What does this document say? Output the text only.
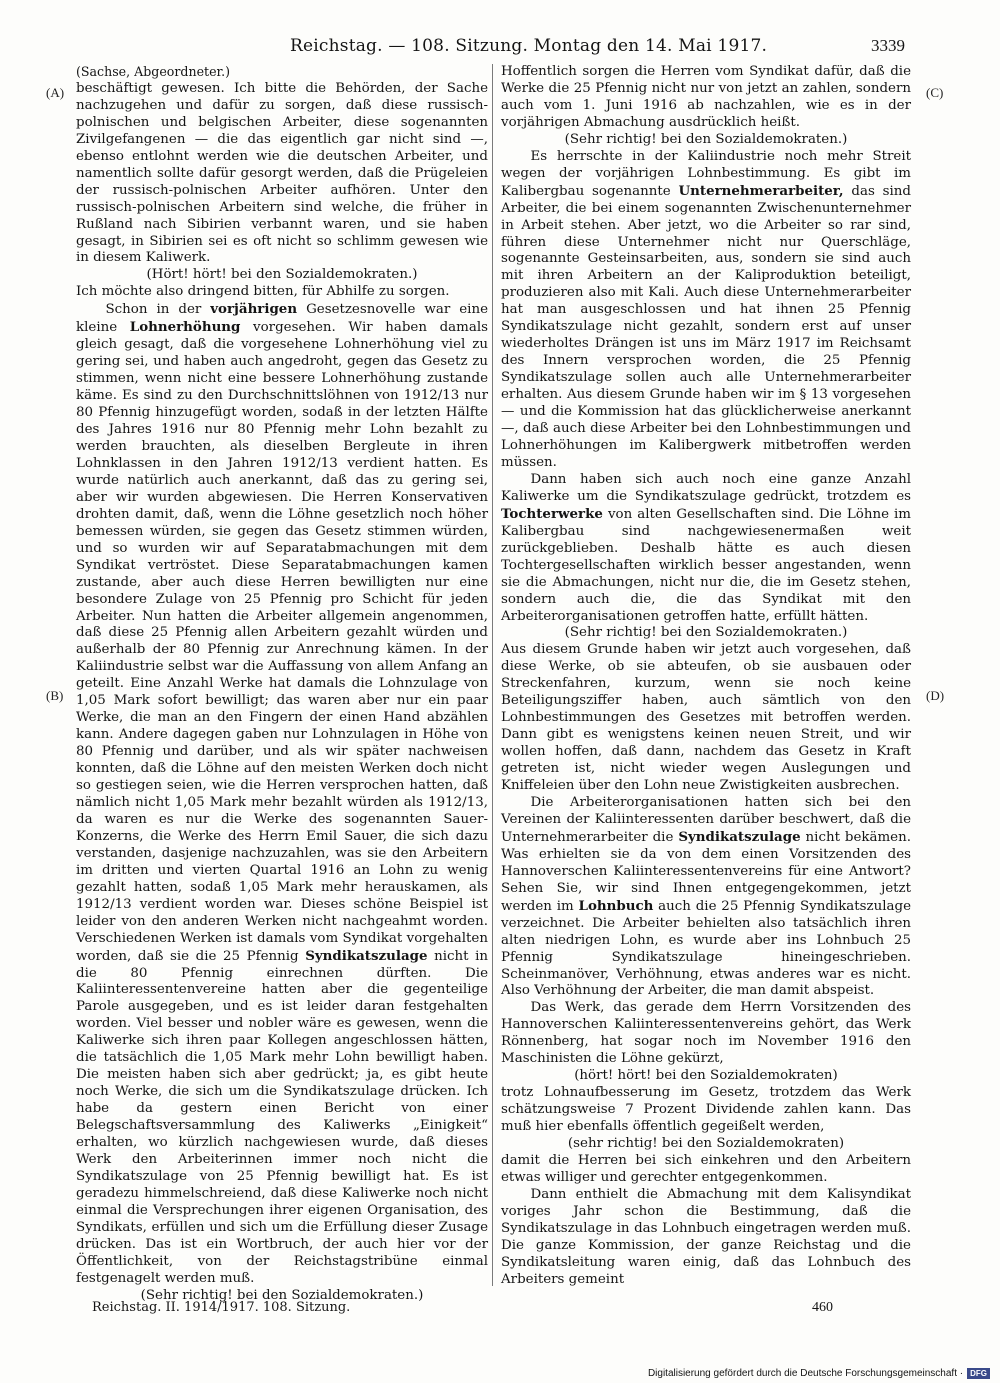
Reichstag. — 108. Sitzung. Montag den 14. Mai 1917.	3339
(A)
(B)
(C)
(D)

(Sachse, Abgeordneter.)

beschäftigt gewesen. Ich bitte die Behörden, der Sache nachzugehen und dafür zu sorgen, daß diese russisch-polnischen und belgischen Arbeiter, diese sogenannten Zivilgefangenen — die das eigentlich gar nicht sind —, ebenso entlohnt werden wie die deutschen Arbeiter, und namentlich sollte dafür gesorgt werden, daß die Prügeleien der russisch-polnischen Arbeiter aufhören. Unter den russisch-polnischen Arbeitern sind welche, die früher in Rußland nach Sibirien verbannt waren, und sie haben gesagt, in Sibirien sei es oft nicht so schlimm gewesen wie in diesem Kaliwerk.

(Hört! hört! bei den Sozialdemokraten.)

Ich möchte also dringend bitten, für Abhilfe zu sorgen.

Schon in der vorjährigen Gesetzesnovelle war eine kleine Lohnerhöhung vorgesehen. Wir haben damals gleich gesagt, daß die vorgesehene Lohnerhöhung viel zu gering sei, und haben auch angedroht, gegen das Gesetz zu stimmen, wenn nicht eine bessere Lohnerhöhung zustande käme. Es sind zu den Durchschnittslöhnen von 1912/13 nur 80 Pfennig hinzugefügt worden, sodaß in der letzten Hälfte des Jahres 1916 nur 80 Pfennig mehr Lohn bezahlt zu werden brauchten, als dieselben Bergleute in ihren Lohnklassen in den Jahren 1912/13 verdient hatten. Es wurde natürlich auch anerkannt, daß das zu gering sei, aber wir wurden abgewiesen. Die Herren Konservativen drohten damit, daß, wenn die Löhne gesetzlich noch höher bemessen würden, sie gegen das Gesetz stimmen würden, und so wurden wir auf Separatabmachungen mit dem Syndikat vertröstet. Diese Separatabmachungen kamen zustande, aber auch diese Herren bewilligten nur eine besondere Zulage von 25 Pfennig pro Schicht für jeden Arbeiter. Nun hatten die Arbeiter allgemein angenommen, daß diese 25 Pfennig allen Arbeitern gezahlt würden und außerhalb der 80 Pfennig zur Anrechnung kämen. In der Kaliindustrie selbst war die Auffassung von allem Anfang an geteilt. Eine Anzahl Werke hat damals die Lohnzulage von 1,05 Mark sofort bewilligt; das waren aber nur ein paar Werke, die man an den Fingern der einen Hand abzählen kann. Andere dagegen gaben nur Lohnzulagen in Höhe von 80 Pfennig und darüber, und als wir später nachweisen konnten, daß die Löhne auf den meisten Werken doch nicht so gestiegen seien, wie die Herren versprochen hatten, daß nämlich nicht 1,05 Mark mehr bezahlt würden als 1912/13, da waren es nur die Werke des sogenannten Sauer-Konzerns, die Werke des Herrn Emil Sauer, die sich dazu verstanden, dasjenige nachzuzahlen, was sie den Arbeitern im dritten und vierten Quartal 1916 an Lohn zu wenig gezahlt hatten, sodaß 1,05 Mark mehr herauskamen, als 1912/13 verdient worden war. Dieses schöne Beispiel ist leider von den anderen Werken nicht nachgeahmt worden. Verschiedenen Werken ist damals vom Syndikat vorgehalten worden, daß sie die 25 Pfennig Syndikatszulage nicht in die 80 Pfennig einrechnen dürften. Die Kaliinteressentenvereine hatten aber die gegenteilige Parole ausgegeben, und es ist leider daran festgehalten worden. Viel besser und nobler wäre es gewesen, wenn die Kaliwerke sich ihren paar Kollegen angeschlossen hätten, die tatsächlich die 1,05 Mark mehr Lohn bewilligt haben. Die meisten haben sich aber gedrückt; ja, es gibt heute noch Werke, die sich um die Syndikatszulage drücken. Ich habe da gestern einen Bericht von einer Belegschaftsversammlung des Kaliwerks „Einigkeit“ erhalten, wo kürzlich nachgewiesen wurde, daß dieses Werk den Arbeiterinnen immer noch nicht die Syndikatszulage von 25 Pfennig bewilligt hat. Es ist geradezu himmelschreiend, daß diese Kaliwerke noch nicht einmal die Versprechungen ihrer eigenen Organisation, des Syndikats, erfüllen und sich um die Erfüllung dieser Zusage drücken. Das ist ein Wortbruch, der auch hier vor der Öffentlichkeit, von der Reichstagstribüne einmal festgenagelt werden muß.

(Sehr richtig! bei den Sozialdemokraten.)

Hoffentlich sorgen die Herren vom Syndikat dafür, daß die Werke die 25 Pfennig nicht nur von jetzt an zahlen, sondern auch vom 1. Juni 1916 ab nachzahlen, wie es in der vorjährigen Abmachung ausdrücklich heißt.

(Sehr richtig! bei den Sozialdemokraten.)

Es herrschte in der Kaliindustrie noch mehr Streit wegen der vorjährigen Lohnbestimmung. Es gibt im Kalibergbau sogenannte Unternehmerarbeiter, das sind Arbeiter, die bei einem sogenannten Zwischenunternehmer in Arbeit stehen. Aber jetzt, wo die Arbeiter so rar sind, führen diese Unternehmer nicht nur Querschläge, sogenannte Gesteinsarbeiten, aus, sondern sie sind auch mit ihren Arbeitern an der Kaliproduktion beteiligt, produzieren also mit Kali. Auch diese Unternehmerarbeiter hat man ausgeschlossen und hat ihnen 25 Pfennig Syndikatszulage nicht gezahlt, sondern erst auf unser wiederholtes Drängen ist uns im März 1917 im Reichsamt des Innern versprochen worden, die 25 Pfennig Syndikatszulage sollen auch alle Unternehmerarbeiter erhalten. Aus diesem Grunde haben wir im § 13 vorgesehen — und die Kommission hat das glücklicherweise anerkannt —, daß auch diese Arbeiter bei den Lohnbestimmungen und Lohnerhöhungen im Kalibergwerk mitbetroffen werden müssen.

Dann haben sich auch noch eine ganze Anzahl Kaliwerke um die Syndikatszulage gedrückt, trotzdem es Tochterwerke von alten Gesellschaften sind. Die Löhne im Kalibergbau sind nachgewiesenermaßen weit zurückgeblieben. Deshalb hätte es auch diesen Tochtergesellschaften wirklich besser angestanden, wenn sie die Abmachungen, nicht nur die, die im Gesetz stehen, sondern auch die, die das Syndikat mit den Arbeiterorganisationen getroffen hatte, erfüllt hätten.

(Sehr richtig! bei den Sozialdemokraten.)

Aus diesem Grunde haben wir jetzt auch vorgesehen, daß diese Werke, ob sie abteufen, ob sie ausbauen oder Streckenfahren, kurzum, wenn sie noch keine Beteiligungsziffer haben, auch sämtlich von den Lohnbestimmungen des Gesetzes mit betroffen werden. Dann gibt es wenigstens keinen neuen Streit, und wir wollen hoffen, daß dann, nachdem das Gesetz in Kraft getreten ist, nicht wieder wegen Auslegungen und Kniffeleien über den Lohn neue Zwistigkeiten ausbrechen.

Die Arbeiterorganisationen hatten sich bei den Vereinen der Kaliinteressenten darüber beschwert, daß die Unternehmerarbeiter die Syndikatszulage nicht bekämen. Was erhielten sie da von dem einen Vorsitzenden des Hannoverschen Kaliinteressentenvereins für eine Antwort? Sehen Sie, wir sind Ihnen entgegengekommen, jetzt werden im Lohnbuch auch die 25 Pfennig Syndikatszulage verzeichnet. Die Arbeiter behielten also tatsächlich ihren alten niedrigen Lohn, es wurde aber ins Lohnbuch 25 Pfennig Syndikatszulage hineingeschrieben. Scheinmanöver, Verhöhnung, etwas anderes war es nicht. Also Verhöhnung der Arbeiter, die man damit abspeist.

Das Werk, das gerade dem Herrn Vorsitzenden des Hannoverschen Kaliinteressentenvereins gehört, das Werk Rönnenberg, hat sogar noch im November 1916 den Maschinisten die Löhne gekürzt,

(hört! hört! bei den Sozialdemokraten)

trotz Lohnaufbesserung im Gesetz, trotzdem das Werk schätzungsweise 7 Prozent Dividende zahlen kann. Das muß hier ebenfalls öffentlich gegeißelt werden,

(sehr richtig! bei den Sozialdemokraten)

damit die Herren bei sich einkehren und den Arbeitern etwas williger und gerechter entgegenkommen.

Dann enthielt die Abmachung mit dem Kalisyndikat voriges Jahr schon die Bestimmung, daß die Syndikatszulage in das Lohnbuch eingetragen werden muß. Die ganze Kommission, der ganze Reichstag und die Syndikatsleitung waren einig, daß das Lohnbuch des Arbeiters gemeint

Reichstag. II. 1914/1917. 108. Sitzung.	460
Digitalisierung gefördert durch die Deutsche Forschungsgemeinschaft · DFG
